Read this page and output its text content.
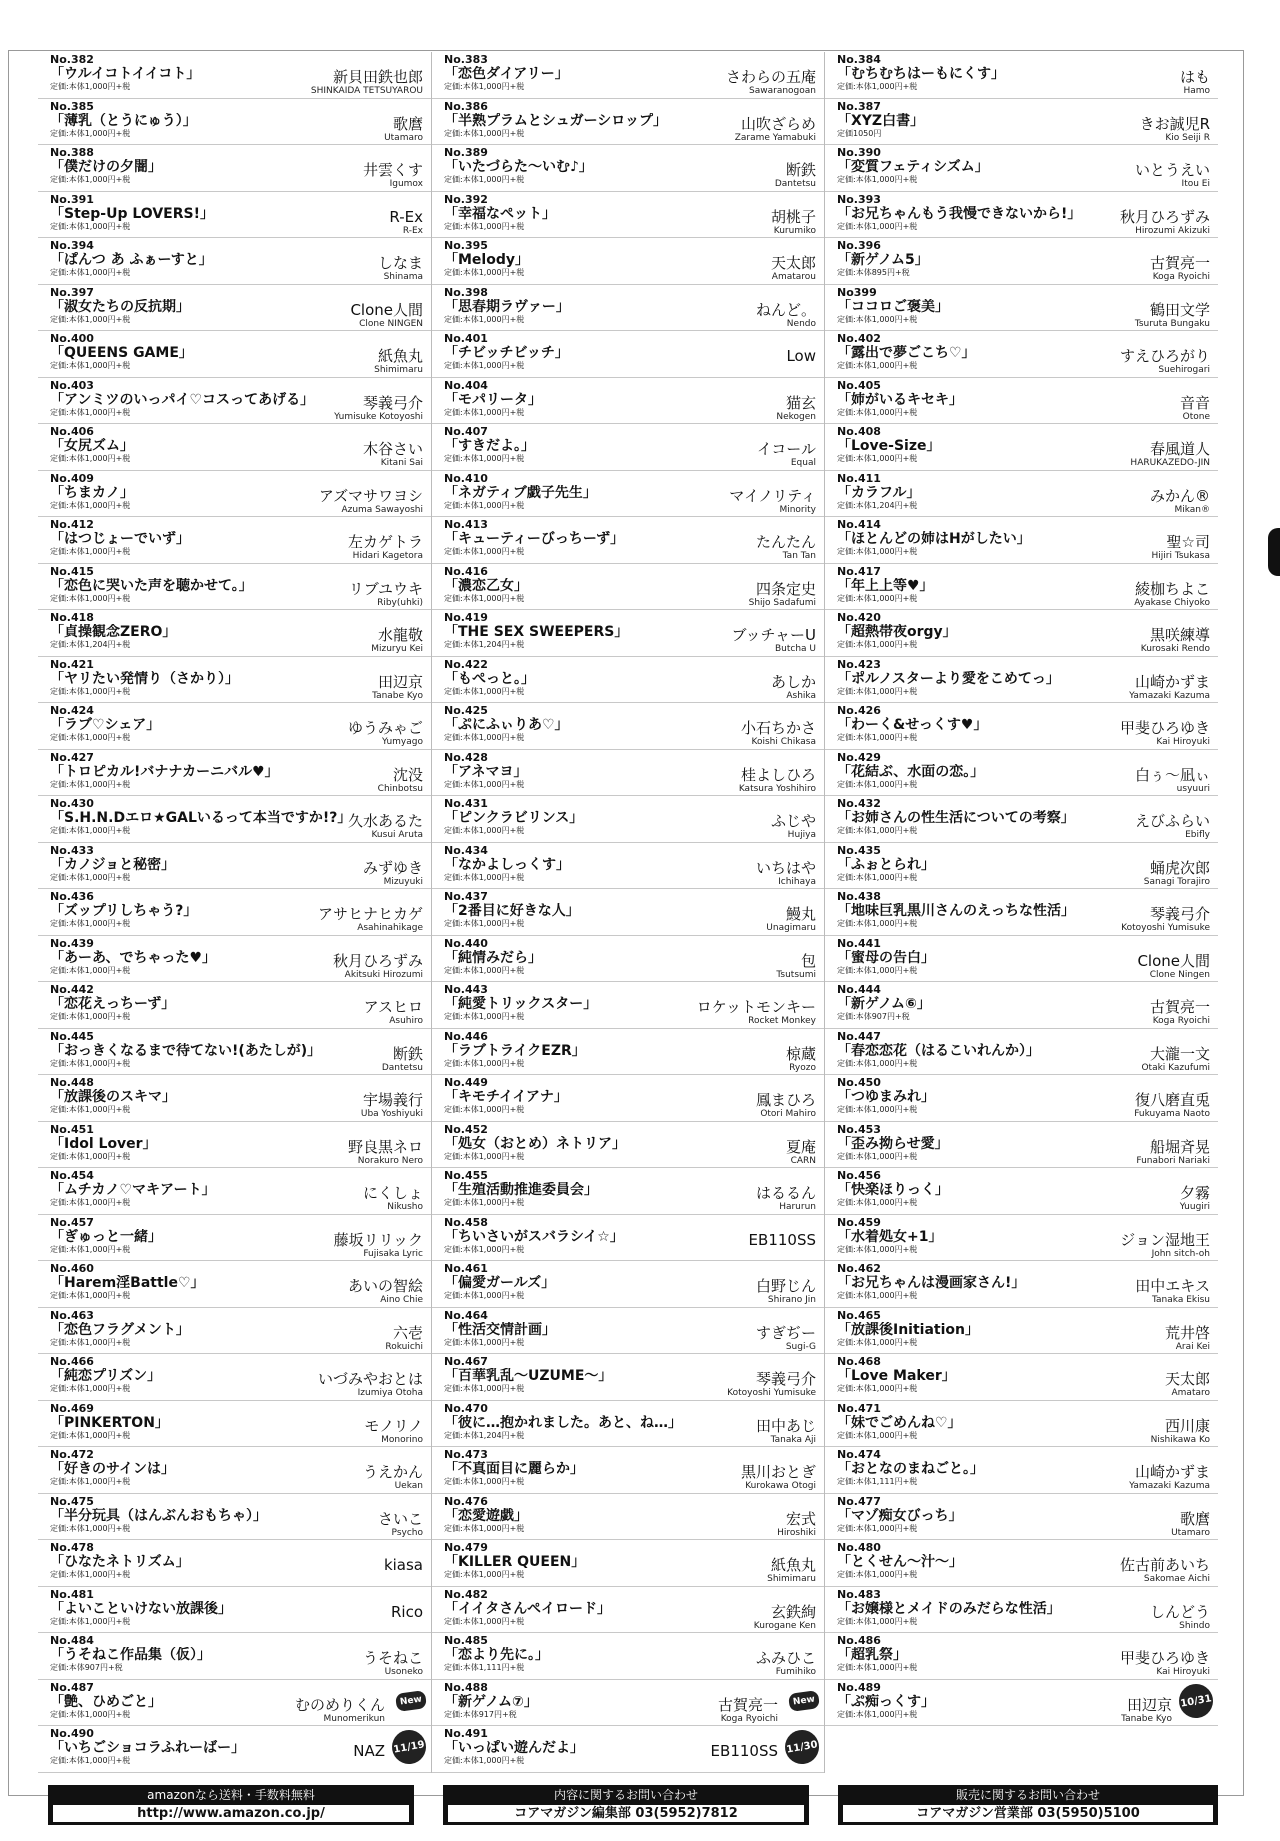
No.382
「ウルイコトイイコト」
定価:本体1,000円+税
新貝田鉄也郎
SHINKAIDA TETSUYAROU
No.385
「薄乳（とうにゅう）」
定価:本体1,000円+税
歌麿
Utamaro
No.388
「僕だけの夕闇」
定価:本体1,000円+税
井雲くす
Igumox
No.391
「Step-Up LOVERS!」
定価:本体1,000円+税
R-Ex
R-Ex
No.394
「ぱんつ あ ふぁーすと」
定価:本体1,000円+税
しなま
Shinama
No.397
「淑女たちの反抗期」
定価:本体1,000円+税
Clone人間
Clone NINGEN
No.400
「QUEENS GAME」
定価:本体1,000円+税
紙魚丸
Shimimaru
No.403
「アンミツのいっパイ♡コスってあげる」
定価:本体1,000円+税
琴義弓介
Yumisuke Kotoyoshi
No.406
「女尻ズム」
定価:本体1,000円+税
木谷さい
Kitani Sai
No.409
「ちまカノ」
定価:本体1,000円+税
アズマサワヨシ
Azuma Sawayoshi
No.412
「はつじょーでいず」
定価:本体1,000円+税
左カゲトラ
Hidari Kagetora
No.415
「恋色に哭いた声を聴かせて。」
定価:本体1,000円+税
リブユウキ
Riby(uhki)
No.418
「貞操観念ZERO」
定価:本体1,204円+税
水龍敬
Mizuryu Kei
No.421
「ヤリたい発情り（さかり）」
定価:本体1,000円+税
田辺京
Tanabe Kyo
No.424
「ラブ♡シェア」
定価:本体1,000円+税
ゆうみゃご
Yumyago
No.427
「トロピカル!バナナカーニバル♥」
定価:本体1,000円+税
沈没
Chinbotsu
No.430
「S.H.N.Dエロ★GALいるって本当ですか!?」
定価:本体1,000円+税
久水あるた
Kusui Aruta
No.433
「カノジョと秘密」
定価:本体1,000円+税
みずゆき
Mizuyuki
No.436
「ズップリしちゃう?」
定価:本体1,000円+税
アサヒナヒカゲ
Asahinahikage
No.439
「あーあ、でちゃった♥」
定価:本体1,000円+税
秋月ひろずみ
Akitsuki Hirozumi
No.442
「恋花えっちーず」
定価:本体1,000円+税
アスヒロ
Asuhiro
No.445
「おっきくなるまで待てない!(あたしが)」
定価:本体1,000円+税
断鉄
Dantetsu
No.448
「放課後のスキマ」
定価:本体1,000円+税
宇場義行
Uba Yoshiyuki
No.451
「Idol Lover」
定価:本体1,000円+税
野良黒ネロ
Norakuro Nero
No.454
「ムチカノ♡マキアート」
定価:本体1,000円+税
にくしょ
Nikusho
No.457
「ぎゅっと一緒」
定価:本体1,000円+税
藤坂リリック
Fujisaka Lyric
No.460
「Harem淫Battle♡」
定価:本体1,000円+税
あいの智絵
Aino Chie
No.463
「恋色フラグメント」
定価:本体1,000円+税
六壱
Rokuichi
No.466
「純恋プリズン」
定価:本体1,000円+税
いづみやおとは
Izumiya Otoha
No.469
「PINKERTON」
定価:本体1,000円+税
モノリノ
Monorino
No.472
「好きのサインは」
定価:本体1,000円+税
うえかん
Uekan
No.475
「半分玩具（はんぶんおもちゃ）」
定価:本体1,000円+税
さいこ
Psycho
No.478
「ひなたネトリズム」
定価:本体1,000円+税
kiasa
No.481
「よいこといけない放課後」
定価:本体1,000円+税
Rico
No.484
「うそねこ作品集（仮）」
定価:本体907円+税
うそねこ
Usoneko
No.487
「艶、ひめごと」
定価:本体1,000円+税
むのめりくん
Munomerikun
New
No.490
「いちごショコラふれーばー」
定価:本体1,000円+税
NAZ 11/19
No.383
「恋色ダイアリー」
定価:本体1,000円+税
さわらの五庵
Sawaranogoan
No.386
「半熟プラムとシュガーシロップ」
定価:本体1,000円+税
山吹ざらめ
Zarame Yamabuki
No.389
「いたづらた〜いむ♪」
定価:本体1,000円+税
断鉄
Dantetsu
No.392
「幸福なペット」
定価:本体1,000円+税
胡桃子
Kurumiko
No.395
「Melody」
定価:本体1,000円+税
天太郎
Amatarou
No.398
「思春期ラヴァー」
定価:本体1,000円+税
ねんど。
Nendo
No.401
「チビッチビッチ」
定価:本体1,000円+税
Low
No.404
「モパリータ」
定価:本体1,000円+税
猫玄
Nekogen
No.407
「すきだよ。」
定価:本体1,000円+税
イコール
Equal
No.410
「ネガティブ戯子先生」
定価:本体1,000円+税
マイノリティ
Minority
No.413
「キューティーびっちーず」
定価:本体1,000円+税
たんたん
Tan Tan
No.416
「濃恋乙女」
定価:本体1,000円+税
四条定史
Shijo Sadafumi
No.419
「THE SEX SWEEPERS」
定価:本体1,204円+税
ブッチャーU
Butcha U
No.422
「もぺっと。」
定価:本体1,000円+税
あしか
Ashika
No.425
「ぷにふぃりあ♡」
定価:本体1,000円+税
小石ちかさ
Koishi Chikasa
No.428
「アネマヨ」
定価:本体1,000円+税
桂よしひろ
Katsura Yoshihiro
No.431
「ピンクラビリンス」
定価:本体1,000円+税
ふじや
Hujiya
No.434
「なかよしっくす」
定価:本体1,000円+税
いちはや
Ichihaya
No.437
「2番目に好きな人」
定価:本体1,000円+税
鰻丸
Unagimaru
No.440
「純情みだら」
定価:本体1,000円+税
包
Tsutsumi
No.443
「純愛トリックスター」
定価:本体1,000円+税
ロケットモンキー
Rocket Monkey
No.446
「ラブトライクEZR」
定価:本体1,000円+税
椋蔵
Ryozo
No.449
「キモチイイアナ」
定価:本体1,000円+税
鳳まひろ
Otori Mahiro
No.452
「処女（おとめ）ネトリア」
定価:本体1,000円+税
夏庵
CARN
No.455
「生殖活動推進委員会」
定価:本体1,000円+税
はるるん
Harurun
No.458
「ちいさいがスバラシイ☆」
定価:本体1,000円+税
EB110SS
No.461
「偏愛ガールズ」
定価:本体1,000円+税
白野じん
Shirano Jin
No.464
「性活交情計画」
定価:本体1,000円+税
すぎぢー
Sugi-G
No.467
「百華乳乱〜UZUME〜」
定価:本体1,000円+税
琴義弓介
Kotoyoshi Yumisuke
No.470
「彼に…抱かれました。あと、ね…」
定価:本体1,204円+税
田中あじ
Tanaka Aji
No.473
「不真面目に麗らか」
定価:本体1,000円+税
黒川おとぎ
Kurokawa Otogi
No.476
「恋愛遊戯」
定価:本体1,000円+税
宏式
Hiroshiki
No.479
「KILLER QUEEN」
定価:本体1,000円+税
紙魚丸
Shimimaru
No.482
「イイタさんペイロード」
定価:本体1,000円+税
玄鉄絢
Kurogane Ken
No.485
「恋より先に。」
定価:本体1,111円+税
ふみひこ
Fumihiko
No.488
「新ゲノム⑦」
定価:本体917円+税
古賀亮一
Koga Ryoichi
New
No.491
「いっぱい遊んだよ」
定価:本体1,000円+税
EB110SS 11/30
No.384
「むちむちはーもにくす」
定価:本体1,000円+税
はも
Hamo
No.387
「XYZ白書」
定価1050円
きお誠児R
Kio Seiji R
No.390
「変質フェティシズム」
定価:本体1,000円+税
いとうえい
Itou Ei
No.393
「お兄ちゃんもう我慢できないから!」
定価:本体1,000円+税
秋月ひろずみ
Hirozumi Akizuki
No.396
「新ゲノム5」
定価:本体895円+税
古賀亮一
Koga Ryoichi
No399
「ココロご褒美」
定価:本体1,000円+税
鶴田文学
Tsuruta Bungaku
No.402
「露出で夢ごこち♡」
定価:本体1,000円+税
すえひろがり
Suehirogari
No.405
「姉がいるキセキ」
定価:本体1,000円+税
音音
Otone
No.408
「Love-Size」
定価:本体1,000円+税
春風道人
HARUKAZEDO-JIN
No.411
「カラフル」
定価:本体1,204円+税
みかん®
Mikan®
No.414
「ほとんどの姉はHがしたい」
定価:本体1,000円+税
聖☆司
Hijiri Tsukasa
No.417
「年上上等♥」
定価:本体1,000円+税
綾枷ちよこ
Ayakase Chiyoko
No.420
「超熱帯夜orgy」
定価:本体1,000円+税
黒咲練導
Kurosaki Rendo
No.423
「ポルノスターより愛をこめてっ」
定価:本体1,000円+税
山崎かずま
Yamazaki Kazuma
No.426
「わーく&せっくす♥」
定価:本体1,000円+税
甲斐ひろゆき
Kai Hiroyuki
No.429
「花結ぶ、水面の恋。」
定価:本体1,000円+税
白ぅ〜凪ぃ
usyuuri
No.432
「お姉さんの性生活についての考察」
定価:本体1,000円+税
えびふらい
Ebifly
No.435
「ふぉとられ」
定価:本体1,000円+税
蛹虎次郎
Sanagi Torajiro
No.438
「地味巨乳黒川さんのえっちな性活」
定価:本体1,000円+税
琴義弓介
Kotoyoshi Yumisuke
No.441
「蜜母の告白」
定価:本体1,000円+税
Clone人間
Clone Ningen
No.444
「新ゲノム⑥」
定価:本体907円+税
古賀亮一
Koga Ryoichi
No.447
「春恋恋花（はるこいれんか）」
定価:本体1,000円+税
大瀧一文
Otaki Kazufumi
No.450
「つゆまみれ」
定価:本体1,000円+税
復八磨直兎
Fukuyama Naoto
No.453
「歪み拗らせ愛」
定価:本体1,000円+税
船堀斉晃
Funabori Nariaki
No.456
「快楽ほりっく」
定価:本体1,000円+税
夕霧
Yuugiri
No.459
「水着処女+1」
定価:本体1,000円+税
ジョン湿地王
John sitch-oh
No.462
「お兄ちゃんは漫画家さん!」
定価:本体1,000円+税
田中エキス
Tanaka Ekisu
No.465
「放課後Initiation」
定価:本体1,000円+税
荒井啓
Arai Kei
No.468
「Love Maker」
定価:本体1,000円+税
天太郎
Amataro
No.471
「妹でごめんね♡」
定価:本体1,000円+税
西川康
Nishikawa Ko
No.474
「おとなのまねごと。」
定価:本体1,111円+税
山崎かずま
Yamazaki Kazuma
No.477
「マゾ痴女びっち」
定価:本体1,000円+税
歌麿
Utamaro
No.480
「とくせん〜汁〜」
定価:本体1,000円+税
佐古前あいち
Sakomae Aichi
No.483
「お嬢様とメイドのみだらな性活」
定価:本体1,000円+税
しんどう
Shindo
No.486
「超乳祭」
定価:本体1,000円+税
甲斐ひろゆき
Kai Hiroyuki
No.489
「ぷ痴っくす」
定価:本体1,000円+税
田辺京
Tanabe Kyo
10/31
amazonなら送料・手数料無料
http://www.amazon.co.jp/
内容に関するお問い合わせ
コアマガジン編集部 03(5952)7812
販売に関するお問い合わせ
コアマガジン営業部 03(5950)5100
